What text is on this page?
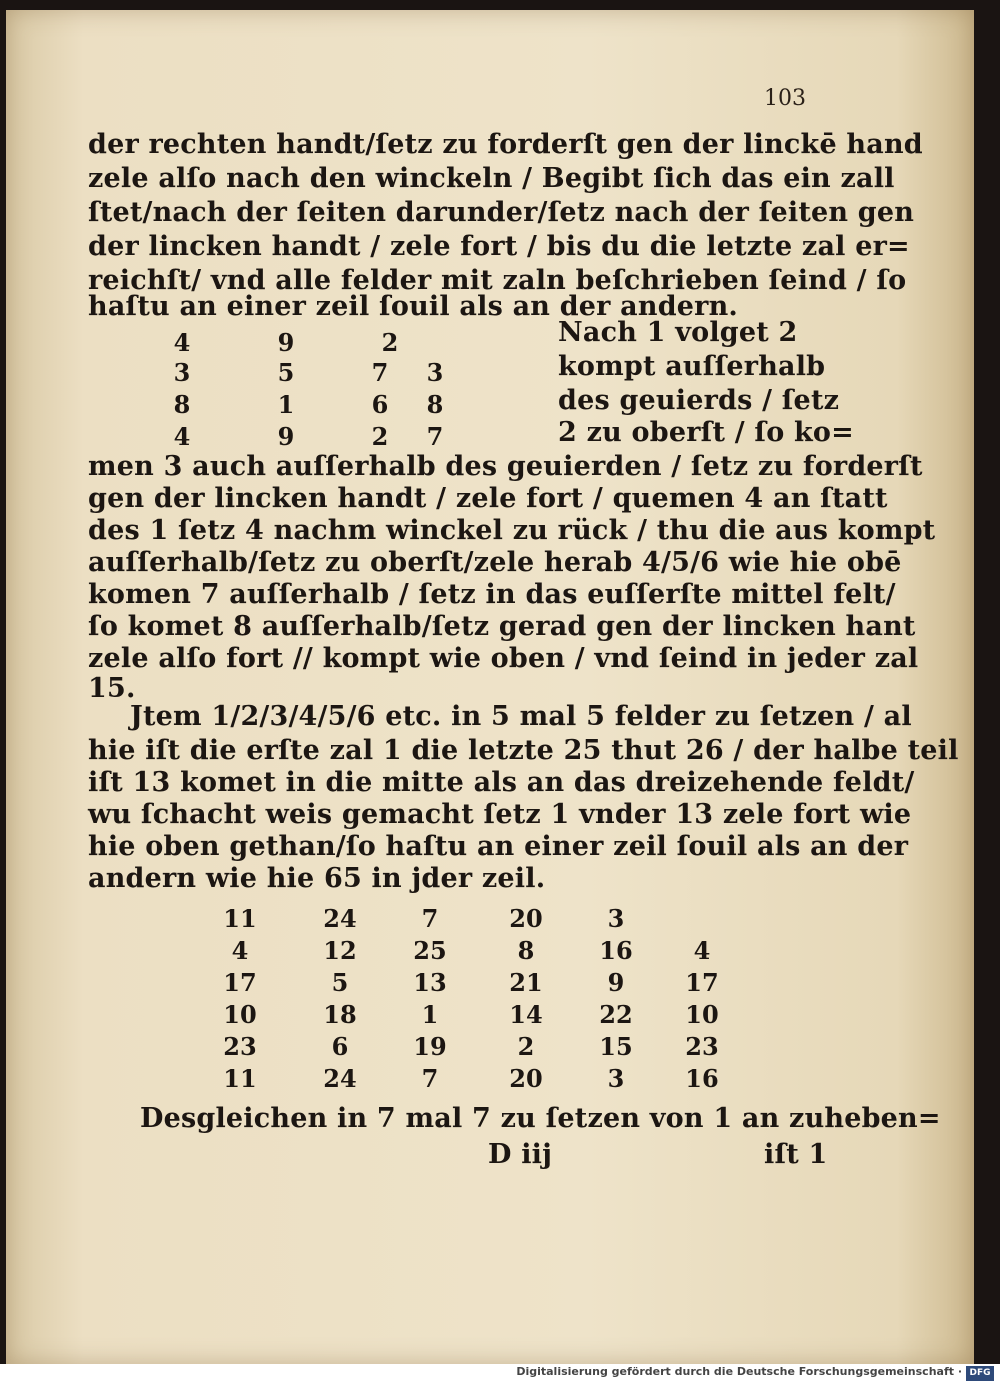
103
der rechten handt/ſetz zu forderſt gen der linckē hand
zele alſo nach den winckeln / Begibt ſich das ein zall
ſtet/nach der ſeiten darunder/ſetz nach der ſeiten gen
der lincken handt / zele fort / bis du die letzte zal er=
reichſt/ vnd alle felder mit zaln beſchrieben ſeind / ſo
haſtu an einer zeil ſouil als an der andern.
4	9	2
3	5	7	3
8	1	6	8
4	9	2	7
Nach 1 volget 2
kompt auſſerhalb
des geuierds / ſetz
2 zu oberſt / ſo ko=
men 3 auch auſſerhalb des geuierden / ſetz zu forderſt
gen der lincken handt / zele fort / quemen 4 an ſtatt
des 1 ſetz 4 nachm winckel zu rück / thu die aus kompt
auſſerhalb/ſetz zu oberſt/zele herab 4/5/6 wie hie obē
komen 7 auſſerhalb / ſetz in das euſſerſte mittel felt/
ſo komet 8 auſſerhalb/ſetz gerad gen der lincken hant
zele alſo fort // kompt wie oben / vnd ſeind in jeder zal
15.
Jtem 1/2/3/4/5/6 etc. in 5 mal 5 felder zu ſetzen / al
hie iſt die erſte zal 1 die letzte 25 thut 26 / der halbe teil
iſt 13 komet in die mitte als an das dreizehende feldt/
wu ſchacht weis gemacht ſetz 1 vnder 13 zele fort wie
hie oben gethan/ſo haſtu an einer zeil ſouil als an der
andern wie hie 65 in jder zeil.
11	24	7	20	3
4	12	25	8	16	4
17	5	13	21	9	17
10	18	1	14	22	10
23	6	19	2	15	23
11	24	7	20	3	16
Desgleichen in 7 mal 7 zu ſetzen von 1 an zuheben=
D iij	iſt 1
Digitalisierung gefördert durch die Deutsche Forschungsgemeinschaft · DFG
